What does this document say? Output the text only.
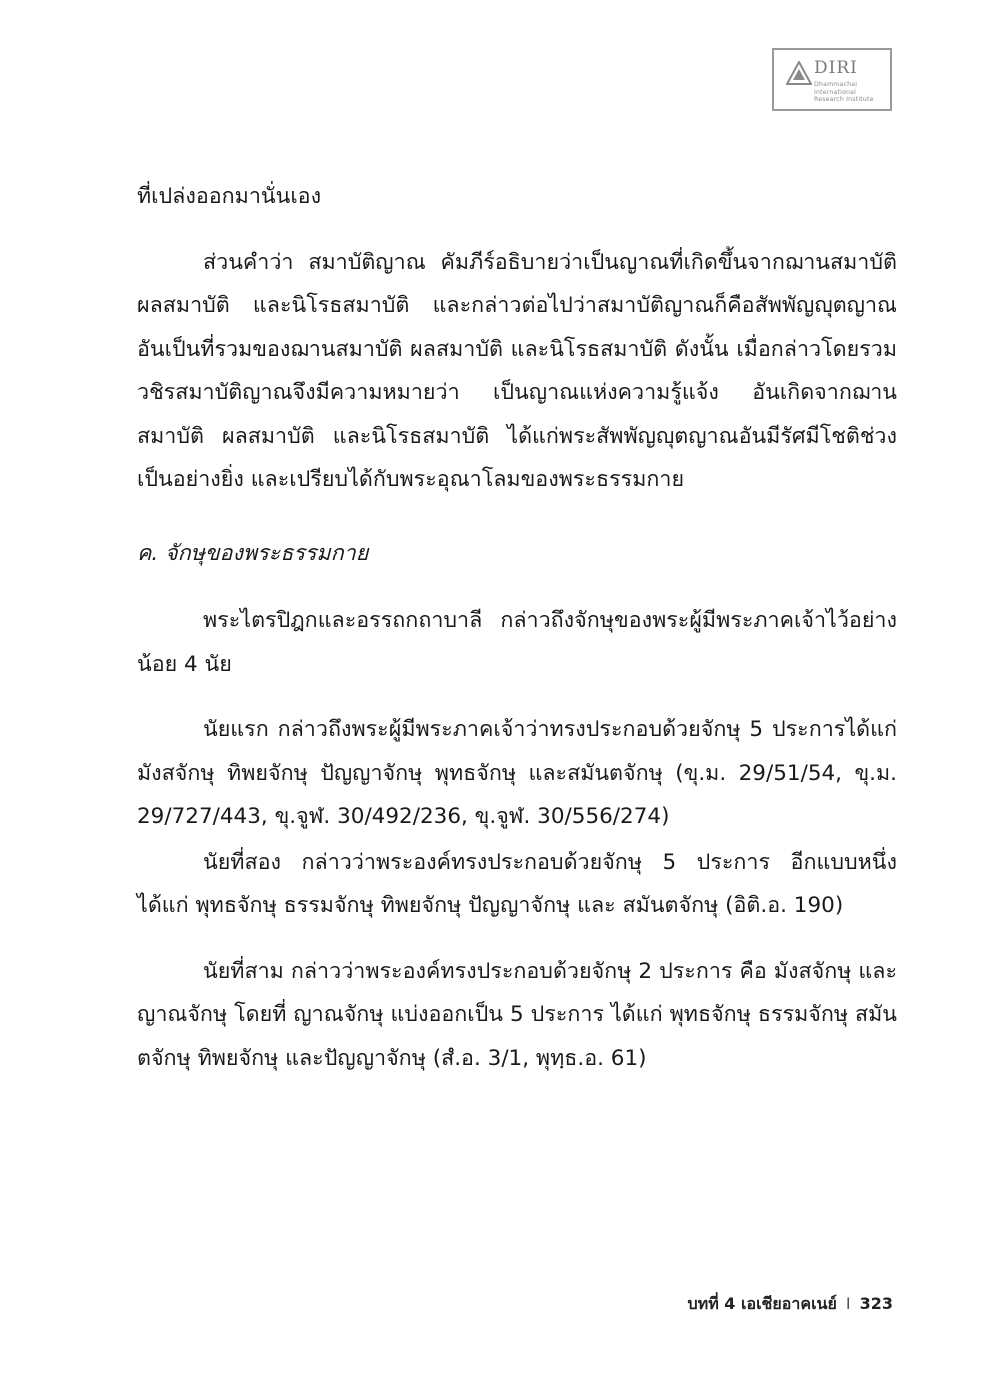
DIRI
Dhammachai International
Research Institute

ที่เปล่งออกมานั่นเอง

ส่วนคำว่า สมาบัติญาณ คัมภีร์อธิบายว่าเป็นญาณที่เกิดขึ้นจากฌานสมาบัติ ผลสมาบัติ และนิโรธสมาบัติ และกล่าวต่อไปว่าสมาบัติญาณก็คือสัพพัญญุตญาณ อันเป็นที่รวมของฌานสมาบัติ ผลสมาบัติ และนิโรธสมาบัติ ดังนั้น เมื่อกล่าวโดยรวม วชิรสมาบัติญาณจึงมีความหมายว่า เป็นญาณแห่งความรู้แจ้ง อันเกิดจากฌานสมาบัติ ผลสมาบัติ และนิโรธสมาบัติ ได้แก่พระสัพพัญญุตญาณอันมีรัศมีโชติช่วงเป็นอย่างยิ่ง และเปรียบได้กับพระอุณาโลมของพระธรรมกาย

ค. จักษุของพระธรรมกาย

พระไตรปิฎกและอรรถกถาบาลี กล่าวถึงจักษุของพระผู้มีพระภาคเจ้าไว้อย่างน้อย 4 นัย

นัยแรก กล่าวถึงพระผู้มีพระภาคเจ้าว่าทรงประกอบด้วยจักษุ 5 ประการได้แก่ มังสจักษุ ทิพยจักษุ ปัญญาจักษุ พุทธจักษุ และสมันตจักษุ (ขุ.ม. 29/51/54, ขุ.ม. 29/727/443, ขุ.จูฬ. 30/492/236, ขุ.จูฬ. 30/556/274)

นัยที่สอง กล่าวว่าพระองค์ทรงประกอบด้วยจักษุ 5 ประการ อีกแบบหนึ่ง ได้แก่ พุทธจักษุ ธรรมจักษุ ทิพยจักษุ ปัญญาจักษุ และ สมันตจักษุ (อิติ.อ. 190)

นัยที่สาม กล่าวว่าพระองค์ทรงประกอบด้วยจักษุ 2 ประการ คือ มังสจักษุ และ ญาณจักษุ โดยที่ ญาณจักษุ แบ่งออกเป็น 5 ประการ ได้แก่ พุทธจักษุ ธรรมจักษุ สมันตจักษุ ทิพยจักษุ และปัญญาจักษุ (สํ.อ. 3/1, พุทฺธ.อ. 61)

บทที่ 4 เอเชียอาคเนย์ I 323
